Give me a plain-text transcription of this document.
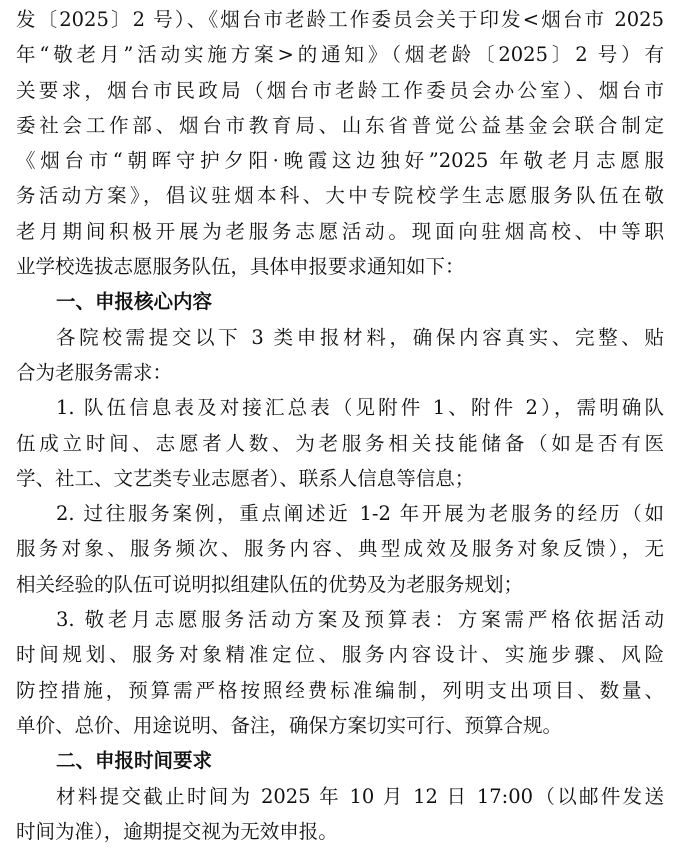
发〔2025〕2 号）、《烟台市老龄工作委员会关于印发<烟台市 2025
年“敬老月”活动实施方案>的通知》（烟老龄〔2025〕2 号）有
关要求，烟台市民政局（烟台市老龄工作委员会办公室）、烟台市
委社会工作部、烟台市教育局、山东省普觉公益基金会联合制定
《烟台市“朝晖守护夕阳·晚霞这边独好”2025 年敬老月志愿服
务活动方案》，倡议驻烟本科、大中专院校学生志愿服务队伍在敬
老月期间积极开展为老服务志愿活动。现面向驻烟高校、中等职
业学校选拔志愿服务队伍，具体申报要求通知如下：
一、申报核心内容
各院校需提交以下 3 类申报材料，确保内容真实、完整、贴
合为老服务需求：
1. 队伍信息表及对接汇总表（见附件 1、附件 2），需明确队
伍成立时间、志愿者人数、为老服务相关技能储备（如是否有医
学、社工、文艺类专业志愿者）、联系人信息等信息；
2. 过往服务案例，重点阐述近 1-2 年开展为老服务的经历（如
服务对象、服务频次、服务内容、典型成效及服务对象反馈），无
相关经验的队伍可说明拟组建队伍的优势及为老服务规划；
3. 敬老月志愿服务活动方案及预算表：方案需严格依据活动
时间规划、服务对象精准定位、服务内容设计、实施步骤、风险
防控措施，预算需严格按照经费标准编制，列明支出项目、数量、
单价、总价、用途说明、备注，确保方案切实可行、预算合规。
二、申报时间要求
材料提交截止时间为 2025 年 10 月 12 日 17:00（以邮件发送
时间为准），逾期提交视为无效申报。
